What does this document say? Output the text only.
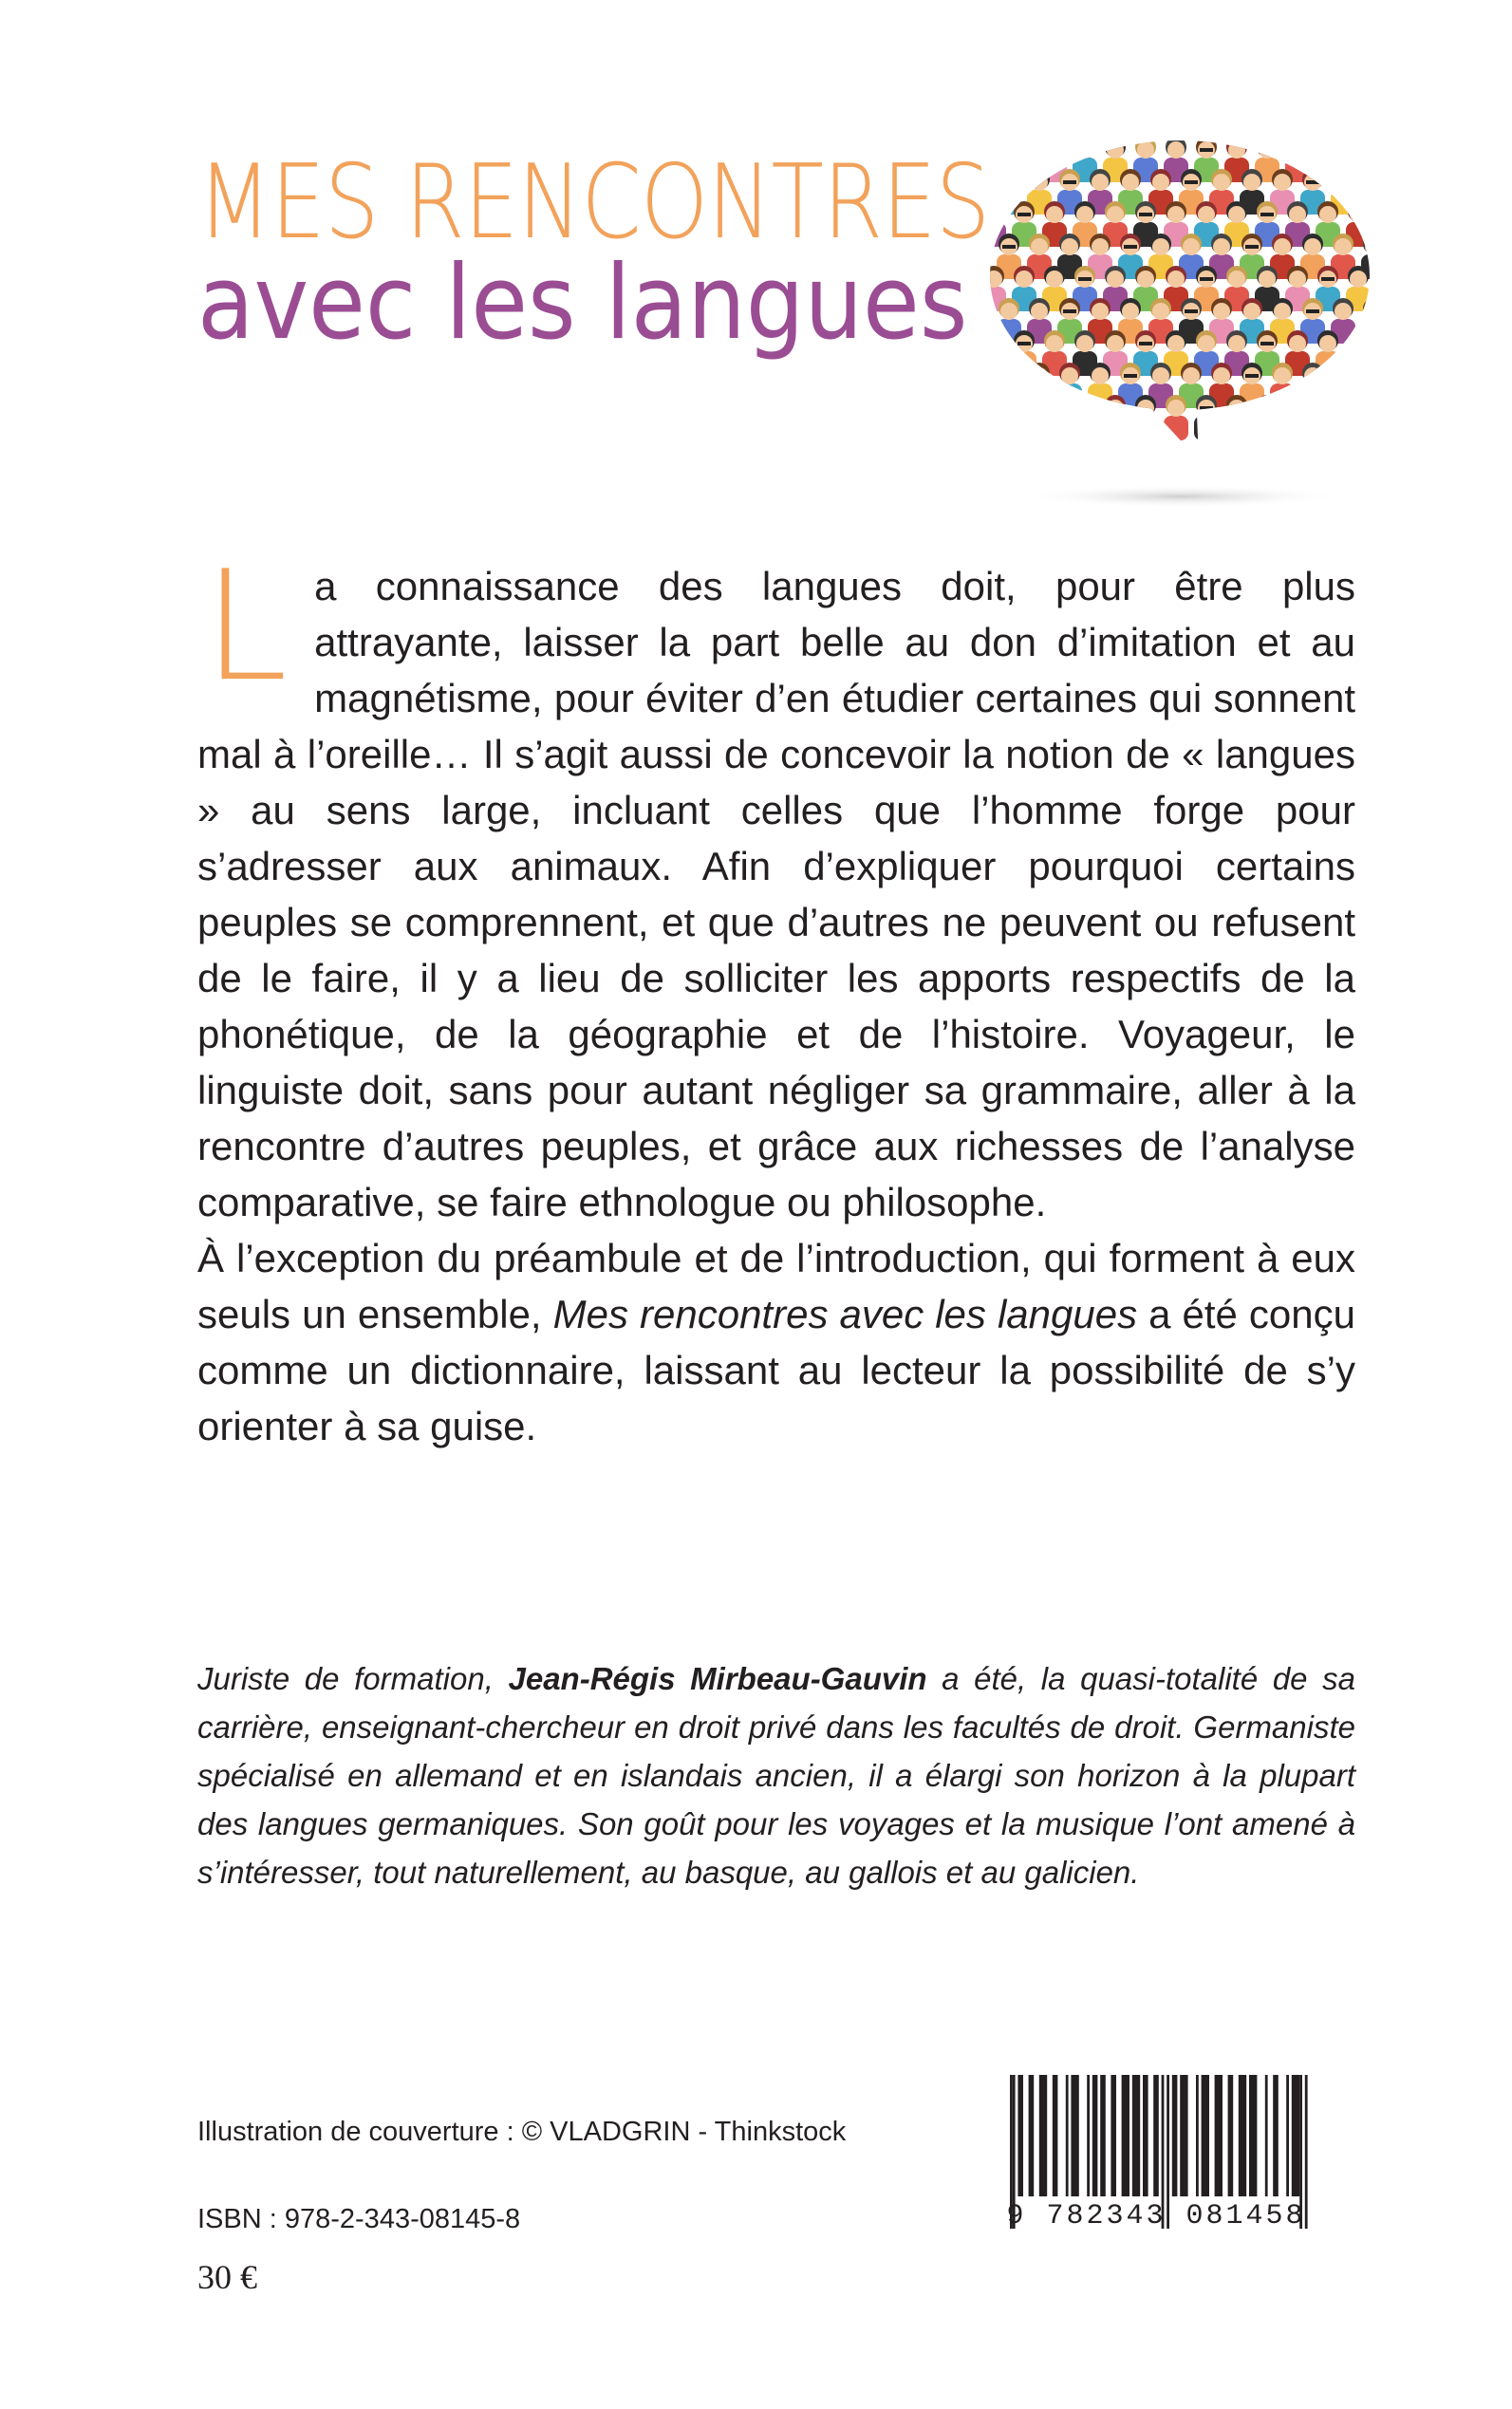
MES RENCONTRES
avec les langues

La connaissance des langues doit, pour être plus attrayante, laisser la part belle au don d’imitation et au magnétisme, pour éviter d’en étudier certaines qui sonnent mal à l’oreille… Il s’agit aussi de concevoir la notion de « langues » au sens large, incluant celles que l’homme forge pour s’adresser aux animaux. Afin d’expliquer pourquoi certains peuples se comprennent, et que d’autres ne peuvent ou refusent de le faire, il y a lieu de solliciter les apports respectifs de la phonétique, de la géographie et de l’histoire. Voyageur, le linguiste doit, sans pour autant négliger sa grammaire, aller à la rencontre d’autres peuples, et grâce aux richesses de l’analyse comparative, se faire ethnologue ou philosophe.

À l’exception du préambule et de l’introduction, qui forment à eux seuls un ensemble, Mes rencontres avec les langues a été conçu comme un dictionnaire, laissant au lecteur la possibilité de s’y orienter à sa guise.

Juriste de formation, Jean-Régis Mirbeau-Gauvin a été, la quasi-totalité de sa carrière, enseignant-chercheur en droit privé dans les facultés de droit. Germaniste spécialisé en allemand et en islandais ancien, il a élargi son horizon à la plupart des langues germaniques. Son goût pour les voyages et la musique l’ont amené à s’intéresser, tout naturellement, au basque, au gallois et au galicien.

Illustration de couverture : © VLADGRIN - Thinkstock
ISBN : 978-2-343-08145-8
30 €
9 782343 081458
